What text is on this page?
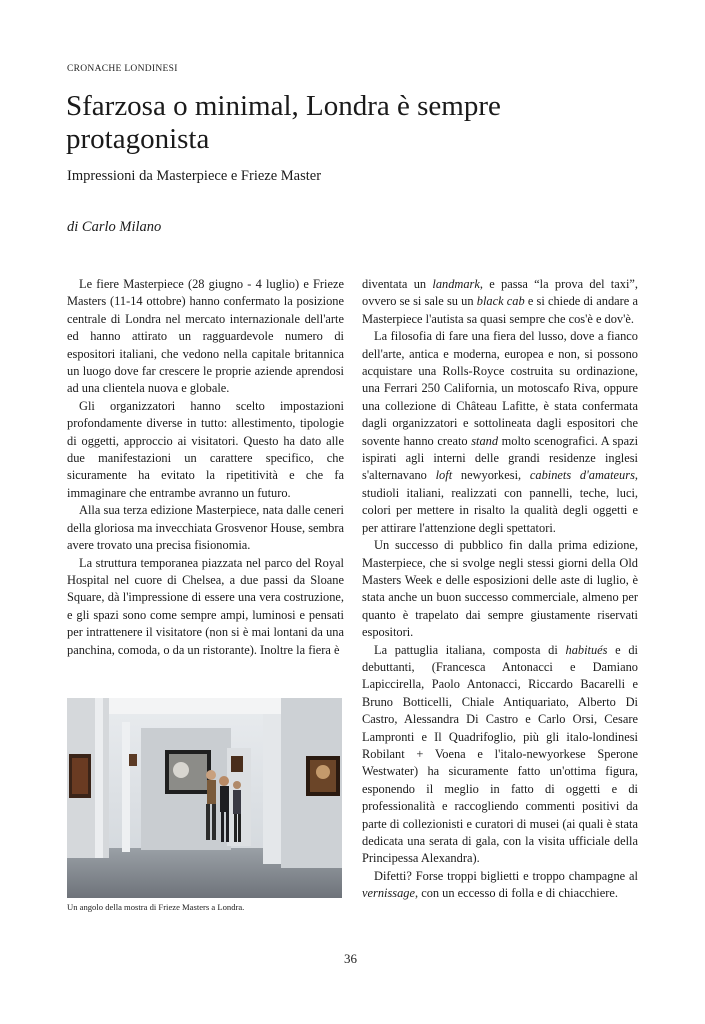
CRONACHE LONDINESI
Sfarzosa o minimal, Londra è sempre protagonista
Impressioni da Masterpiece e Frieze Master
di Carlo Milano

Le fiere Masterpiece (28 giugno - 4 luglio) e Frieze Masters (11-14 ottobre) hanno confermato la posizione centrale di Londra nel mercato internazionale dell'arte ed hanno attirato un ragguardevole numero di espositori italiani, che vedono nella capitale britannica un luogo dove far crescere le proprie aziende aprendosi ad una clientela nuova e globale.

Gli organizzatori hanno scelto impostazioni profondamente diverse in tutto: allestimento, tipologie di oggetti, approccio ai visitatori. Questo ha dato alle due manifestazioni un carattere specifico, che sicuramente ha evitato la ripetitività e che fa immaginare che entrambe avranno un futuro.

Alla sua terza edizione Masterpiece, nata dalle ceneri della gloriosa ma invecchiata Grosvenor House, sembra avere trovato una precisa fisionomia.

La struttura temporanea piazzata nel parco del Royal Hospital nel cuore di Chelsea, a due passi da Sloane Square, dà l'impressione di essere una vera costruzione, e gli spazi sono come sempre ampi, luminosi e pensati per intrattenere il visitatore (non si è mai lontani da una panchina, comoda, o da un ristorante). Inoltre la fiera è

diventata un landmark, e passa “la prova del taxi”, ovvero se si sale su un black cab e si chiede di andare a Masterpiece l'autista sa quasi sempre che cos'è e dov'è.

La filosofia di fare una fiera del lusso, dove a fianco dell'arte, antica e moderna, europea e non, si possono acquistare una Rolls-Royce costruita su ordinazione, una Ferrari 250 California, un motoscafo Riva, oppure una collezione di Château Lafitte, è stata confermata dagli organizzatori e sottolineata dagli espositori che sovente hanno creato stand molto scenografici. A spazi ispirati agli interni delle grandi residenze inglesi s'alternavano loft newyorkesi, cabinets d'amateurs, studioli italiani, realizzati con pannelli, teche, luci, colori per mettere in risalto la qualità degli oggetti e per attirare l'attenzione degli spettatori.

Un successo di pubblico fin dalla prima edizione, Masterpiece, che si svolge negli stessi giorni della Old Masters Week e delle esposizioni delle aste di luglio, è stata anche un buon successo commerciale, almeno per quanto è trapelato dai sempre giustamente riservati espositori.

La pattuglia italiana, composta di habitués e di debuttanti, (Francesca Antonacci e Damiano Lapiccirella, Paolo Antonacci, Riccardo Bacarelli e Bruno Botticelli, Chiale Antiquariato, Alberto Di Castro, Alessandra Di Castro e Carlo Orsi, Cesare Lampronti e Il Quadrifoglio, più gli italo-londinesi Robilant + Voena e l'italo-newyorkese Sperone Westwater) ha sicuramente fatto un'ottima figura, esponendo il meglio in fatto di oggetti e di professionalità e raccogliendo commenti positivi da parte di collezionisti e curatori di musei (ai quali è stata dedicata una serata di gala, con la visita ufficiale della Principessa Alexandra).

Difetti? Forse troppi biglietti e troppo champagne al vernissage, con un eccesso di folla e di chiacchiere.

Un angolo della mostra di Frieze Masters a Londra.
36
